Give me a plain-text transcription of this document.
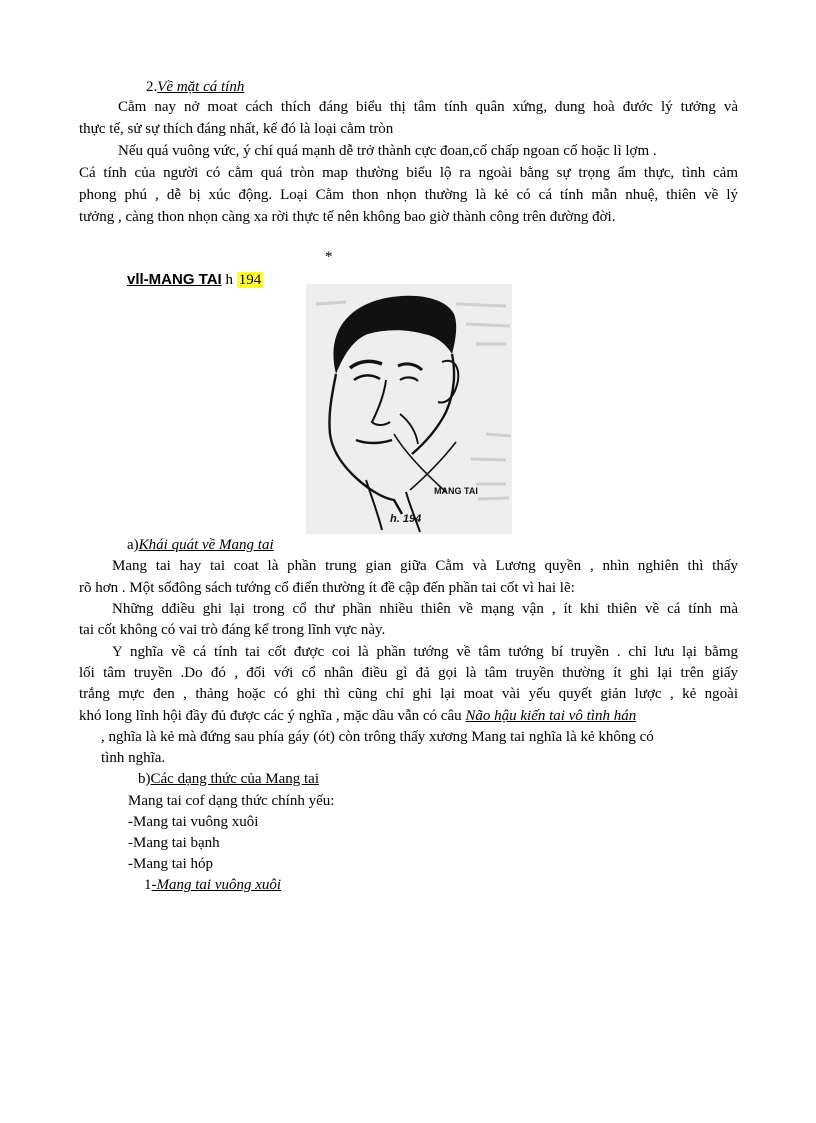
2.Về mặt cá tính
Cằm nay nở moat cách thích đáng biểu thị tâm tính quân xứng, dung hoà đước lý tưởng và
thực tế, sử sự thích đáng nhất, kế đó là loại cằm tròn
Nếu quá vuông vức, ý chí quá mạnh dễ trở thành cực đoan,cố chấp ngoan cố hoặc lì lợm .
Cá tính của người có cằm quá tròn map thường biểu lộ ra ngoài bằng sự trọng ẩm thực, tình cảm
phong phú , dễ bị xúc động. Loại Cằm thon nhọn thường là kẻ có cá tính mẫn nhuệ, thiên về lý
tưởng , càng thon nhọn càng xa rời thực tế nên không bao giờ thành công trên đường đời.
*
vll-MANG TAI h 194
MANG TAI
h. 194
a)Khái quát về Mang tai
Mang tai hay tai coat là phần trung gian giữa Cằm và Lương quyền , nhìn nghiên thì thấy
rõ hơn . Một sốđông sách tướng cổ điển thường ít đề cập đến phần tai cốt vì hai lẽ:
Những dđiều ghi lại trong cổ thư phần nhiều thiên về mạng vận , ít khi thiên về cá tính mà
tai cốt không có vai trò đáng kể trong lĩnh vực này.
Y nghĩa về cá tính tai cốt được coi là phần tướng về tâm tướng bí truyền . chỉ lưu lại bằmg
lối tâm truyền .Do đó , đối với cổ nhân điều gì đả gọi là tâm truyền thường ít ghi lại trên giấy
trắng mực đen , thảng hoặc có ghi thì cũng chỉ ghi lại moat vài yếu quyết giản lược , kẻ ngoài
khó long lĩnh hội đầy đủ được các ý nghĩa , mặc dầu vẫn có câu Não hậu kiến tai vô tình hán
, nghĩa là kẻ mà đứng sau phía gáy (ót) còn trông thấy xương Mang tai nghĩa là kẻ không có
tình nghĩa.
b)Các dạng thức của Mang tai
Mang tai cof dạng thức chính yếu:
-Mang tai vuông xuôi
-Mang tai bạnh
-Mang tai hóp
1-Mang tai vuông xuôi
